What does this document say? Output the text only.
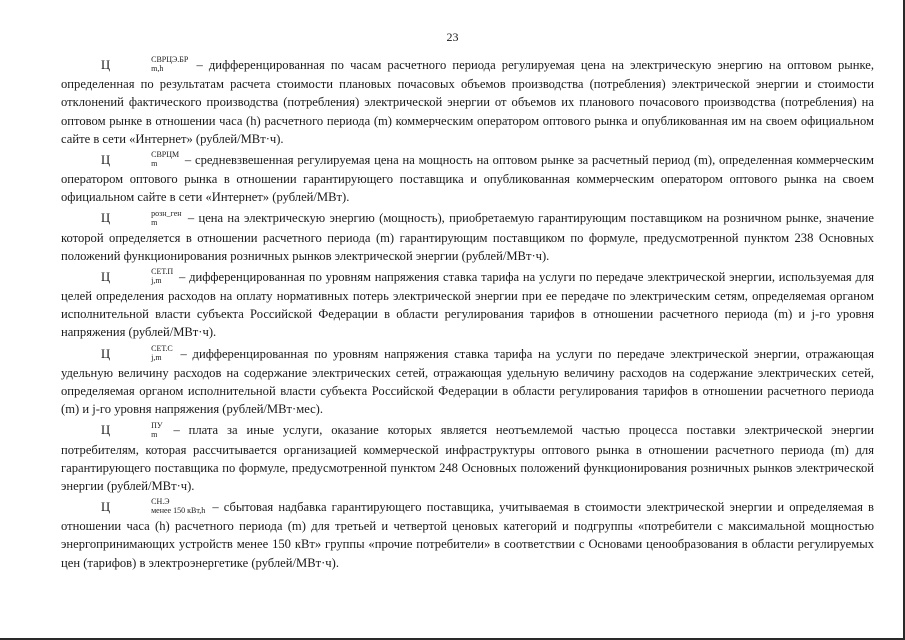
23

Ц	СВРЦЭ.БР
m,h	– дифференцированная по часам расчетного периода регулируемая цена на электрическую энергию на оптовом рынке, определенная по результатам расчета стоимости плановых почасовых объемов производства (потребления) электрической энергии и стоимости отклонений фактического производства (потребления) электрической энергии от объемов их планового почасового производства (потребления) на оптовом рынке в отношении часа (h) расчетного периода (m) коммерческим оператором оптового рынка и опубликованная им на своем официальном сайте в сети «Интернет» (рублей/МВт·ч).

Ц	СВРЦМ
m	– средневзвешенная регулируемая цена на мощность на оптовом рынке за расчетный период (m), определенная коммерческим оператором оптового рынка в отношении гарантирующего поставщика и опубликованная коммерческим оператором оптового рынка на своем официальном сайте в сети «Интернет» (рублей/МВт).

Ц	розн_ген
m	– цена на электрическую энергию (мощность), приобретаемую гарантирующим поставщиком на розничном рынке, значение которой определяется в отношении расчетного периода (m) гарантирующим поставщиком по формуле, предусмотренной пунктом 238 Основных положений функционирования розничных рынков электрической энергии (рублей/МВт·ч).

Ц	СЕТ.П
j,m	– дифференцированная по уровням напряжения ставка тарифа на услуги по передаче электрической энергии, используемая для целей определения расходов на оплату нормативных потерь электрической энергии при ее передаче по электрическим сетям, определяемая органом исполнительной власти субъекта Российской Федерации в области регулирования тарифов в отношении расчетного периода (m) и j-го уровня напряжения (рублей/МВт·ч).

Ц	СЕТ.С
j,m	– дифференцированная по уровням напряжения ставка тарифа на услуги по передаче электрической энергии, отражающая удельную величину расходов на содержание электрических сетей, отражающая удельную величину расходов на содержание электрических сетей, определяемая органом исполнительной власти субъекта Российской Федерации в области регулирования тарифов в отношении расчетного периода (m) и j-го уровня напряжения (рублей/МВт·мес).

Ц	ПУ
m	– плата за иные услуги, оказание которых является неотъемлемой частью процесса поставки электрической энергии потребителям, которая рассчитывается организацией коммерческой инфраструктуры оптового рынка в отношении расчетного периода (m) для гарантирующего поставщика по формуле, предусмотренной пунктом 248 Основных положений функционирования розничных рынков электрической энергии (рублей/МВт·ч).

Ц	СН.Э
менее 150 кВт,h – сбытовая надбавка гарантирующего поставщика, учитываемая в стоимости электрической энергии и определяемая в отношении часа (h) расчетного периода (m) для третьей и четвертой ценовых категорий и подгруппы «потребители с максимальной мощностью энергопринимающих устройств менее 150 кВт» группы «прочие потребители» в соответствии с Основами ценообразования в области регулируемых цен (тарифов) в электроэнергетике (рублей/МВт·ч).
